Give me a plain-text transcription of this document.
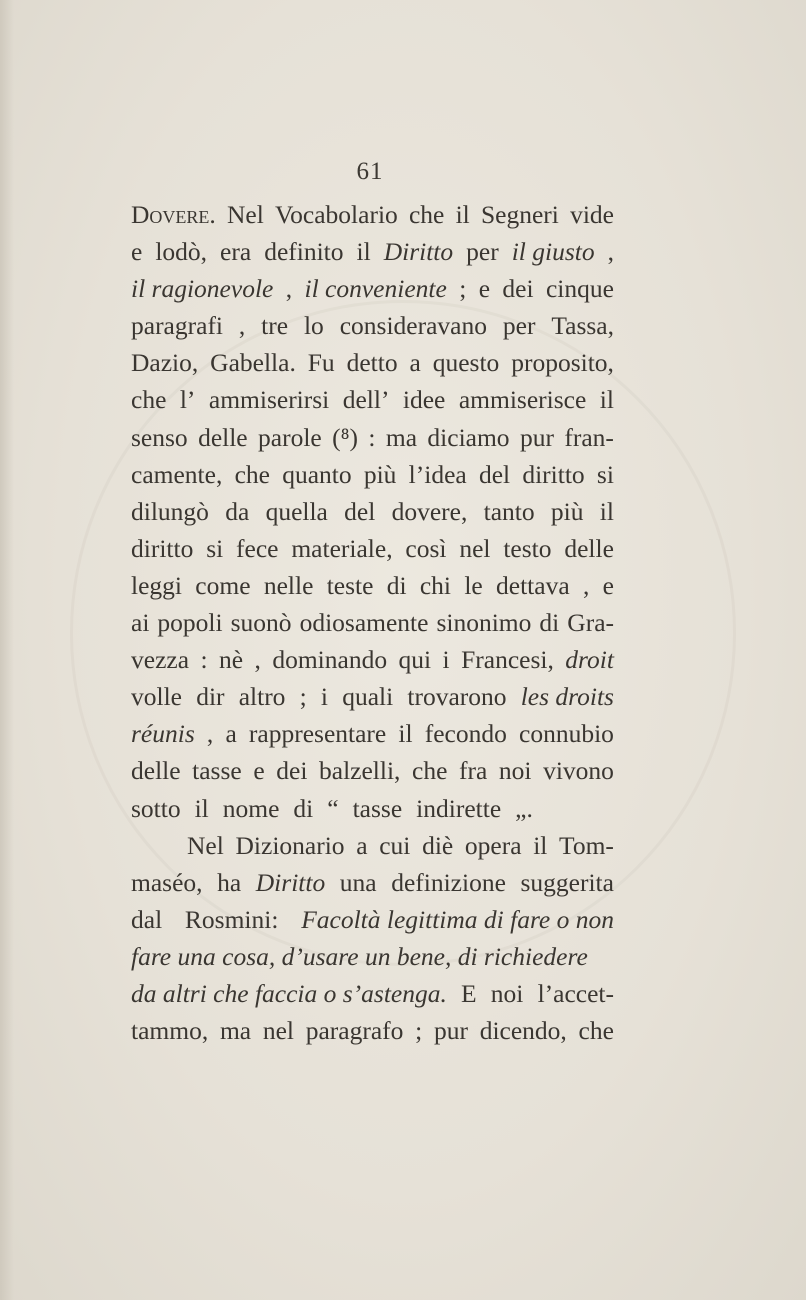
61
Dovere. Nel Vocabolario che il Segneri vide
e lodò, era definito il Diritto per il giusto ,
il ragionevole , il conveniente ; e dei cinque
paragrafi , tre lo consideravano per Tassa,
Dazio, Gabella. Fu detto a questo proposito,
che l’ ammiserirsi dell’ idee ammiserisce il
senso delle parole (⁸) : ma diciamo pur fran-
camente, che quanto più l’idea del diritto si
dilungò da quella del dovere, tanto più il
diritto si fece materiale, così nel testo delle
leggi come nelle teste di chi le dettava , e
ai popoli suonò odiosamente sinonimo di Gra-
vezza : nè , dominando qui i Francesi, droit
volle dir altro ; i quali trovarono les droits
réunis , a rappresentare il fecondo connubio
delle tasse e dei balzelli, che fra noi vivono
sotto il nome di “ tasse indirette „.
Nel Dizionario a cui diè opera il Tom-
maséo, ha Diritto una definizione suggerita
dal Rosmini: Facoltà legittima di fare o non
fare una cosa, d’usare un bene, di richiedere
da altri che faccia o s’astenga. E noi l’accet-
tammo, ma nel paragrafo ; pur dicendo, che
